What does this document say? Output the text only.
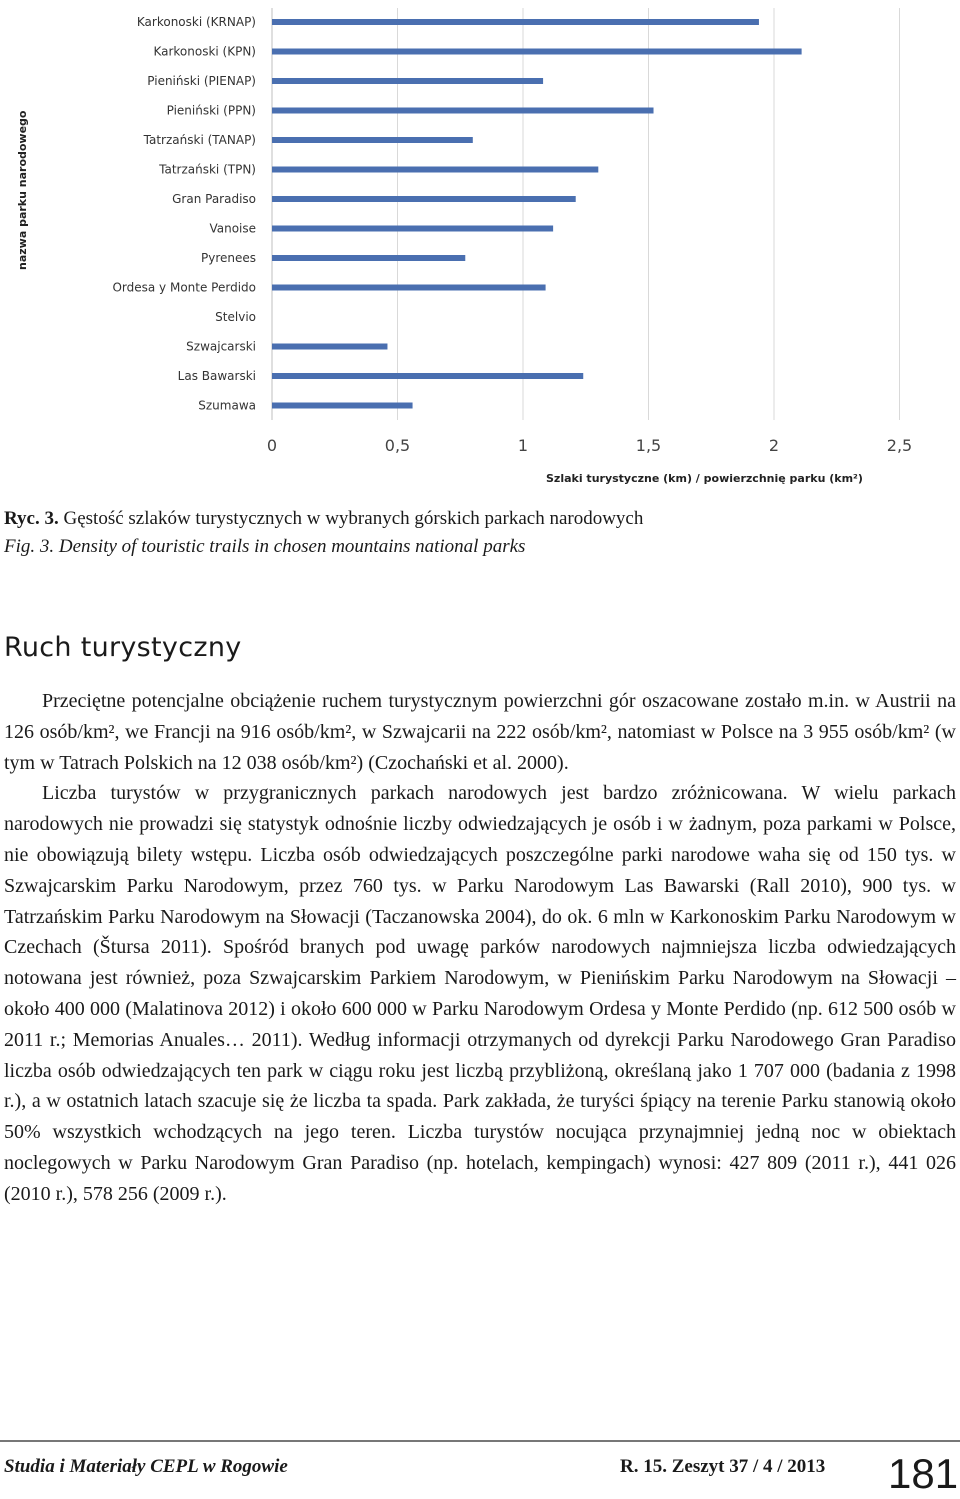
Karkonoski (KRNAP)
Karkonoski (KPN)
Pieniński (PIENAP)
Pieniński (PPN)
Tatrzański (TANAP)
Tatrzański (TPN)
Gran Paradiso
Vanoise
Pyrenees
Ordesa y Monte Perdido
Stelvio
Szwajcarski
Las Bawarski
Szumawa
0	0,5	1	1,5	2	2,5
nazwa parku narodowego
Szlaki turystyczne (km) / powierzchnię parku (km²)
Ryc. 3. Gęstość szlaków turystycznych w wybranych górskich parkach narodowych
Fig. 3. Density of touristic trails in chosen mountains national parks
Ruch turystyczny

Przeciętne potencjalne obciążenie ruchem turystycznym powierzchni gór oszacowane zostało m.in. w Austrii na 126 osób/km², we Francji na 916 osób/km², w Szwajcarii na 222 osób/km², natomiast w Polsce na 3 955 osób/km² (w tym w Tatrach Polskich na 12 038 osób/km²) (Czochański et al. 2000).

Liczba turystów w przygranicznych parkach narodowych jest bardzo zróżnicowana. W wielu parkach narodowych nie prowadzi się statystyk odnośnie liczby odwiedzających je osób i w żadnym, poza parkami w Polsce, nie obowiązują bilety wstępu. Liczba osób odwiedzających poszczególne parki narodowe waha się od 150 tys. w Szwajcarskim Parku Narodowym, przez 760 tys. w Parku Narodowym Las Bawarski (Rall 2010), 900 tys. w Tatrzańskim Parku Narodowym na Słowacji (Taczanowska 2004), do ok. 6 mln w Karkonoskim Parku Narodowym w Czechach (Štursa 2011). Spośród branych pod uwagę parków narodowych najmniejsza liczba odwiedzających notowana jest również, poza Szwajcarskim Parkiem Narodowym, w Pienińskim Parku Narodowym na Słowacji – około 400 000 (Malatinova 2012) i około 600 000 w Parku Narodowym Ordesa y Monte Perdido (np. 612 500 osób w 2011 r.; Memorias Anuales… 2011). Według informacji otrzymanych od dyrekcji Parku Narodowego Gran Paradiso liczba osób odwiedzających ten park w ciągu roku jest liczbą przybliżoną, określaną jako 1 707 000 (badania z 1998 r.), a w ostatnich latach szacuje się że liczba ta spada. Park zakłada, że turyści śpiący na terenie Parku stanowią około 50% wszystkich wchodzących na jego teren. Liczba turystów nocująca przynajmniej jedną noc w obiektach noclegowych w Parku Narodowym Gran Paradiso (np. hotelach, kempingach) wynosi: 427 809 (2011 r.), 441 026 (2010 r.), 578 256 (2009 r.).

Studia i Materiały CEPL w Rogowie	R. 15. Zeszyt 37 / 4 / 2013 181
